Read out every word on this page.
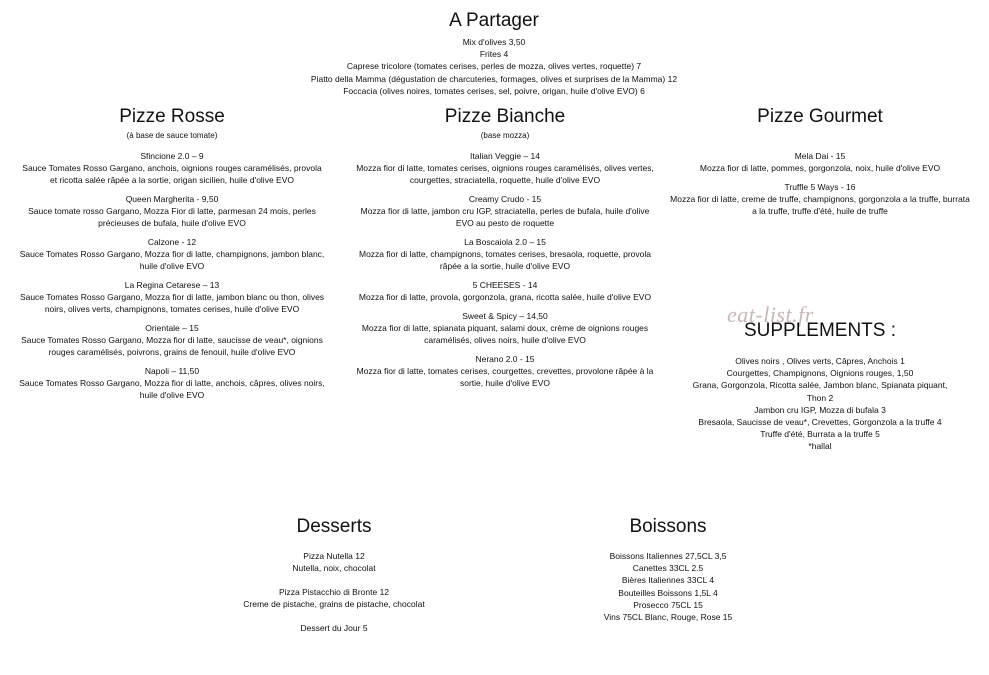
A Partager
Mix d'olives 3,50
Frites 4
Caprese tricolore (tomates cerises, perles de mozza, olives vertes, roquette) 7
Piatto della Mamma (dégustation de charcuteries, formages, olives et surprises de la Mamma) 12
Foccacia (olives noires, tomates cerises, sel, poivre, origan, huile d'olive EVO) 6
Pizze Rosse
(à base de sauce tomate)
Sfincione 2.0 – 9
Sauce Tomates Rosso Gargano, anchois, oignions rouges caramélisés, provola et ricotta salée râpée a la sortie, origan sicilien, huile d'olive EVO
Queen Margherita - 9,50
Sauce tomate rosso Gargano, Mozza Fior di latte, parmesan 24 mois, perles précieuses de bufala, huile d'olive EVO
Calzone - 12
Sauce Tomates Rosso Gargano, Mozza fior di latte, champignons, jambon blanc, huile d'olive EVO
La Regina Cetarese – 13
Sauce Tomates Rosso Gargano, Mozza fior di latte, jambon blanc ou thon, olives noirs, olives verts, champignons, tomates cerises, huile d'olive EVO
Orientale – 15
Sauce Tomates Rosso Gargano, Mozza fior di latte, saucisse de veau*, oignions rouges caramélisés, poivrons, grains de fenouil, huile d'olive EVO
Napoli – 11,50
Sauce Tomates Rosso Gargano, Mozza fior di latte, anchois, câpres, olives noirs, huile d'olive EVO
Pizze Bianche
(base mozza)
Italian Veggie – 14
Mozza fior di latte, tomates cerises, oignions rouges caramélisés, olives vertes, courgettes, straciatella, roquette, huile d'olive EVO
Creamy Crudo - 15
Mozza fior di latte, jambon cru IGP, straciatella, perles de bufala, huile d'olive EVO au pesto de roquette
La Boscaiola 2.0 – 15
Mozza fior di latte, champignons, tomates cerises, bresaola, roquette, provola râpée a la sortie, huile d'olive EVO
5 CHEESES - 14
Mozza fior di latte, provola, gorgonzola, grana, ricotta salée, huile d'olive EVO
Sweet & Spicy – 14,50
Mozza fior di latte, spianata piquant, salami doux, crème de oignions rouges caramélisés, olives noirs, huile d'olive EVO
Nerano 2.0 - 15
Mozza fior di latte, tomates cerises, courgettes, crevettes, provolone râpée à la sortie, huile d'olive EVO
Pizze Gourmet
Mela Dai - 15
Mozza fior di latte, pommes, gorgonzola, noix, huile d'olive EVO
Truffle 5 Ways - 16
Mozza fior di latte, creme de truffe, champignons, gorgonzola a la truffe, burrata a la truffe, truffe d'été, huile de truffe
eat-list.fr
SUPPLEMENTS :
Olives noirs , Olives verts, Câpres, Anchois 1
Courgettes, Champignons, Oignions rouges, 1,50
Grana, Gorgonzola, Ricotta salée, Jambon blanc, Spianata piquant,
Thon 2
Jambon cru IGP, Mozza di bufala 3
Bresaola, Saucisse de veau*, Crevettes, Gorgonzola a la truffe 4
Truffe d'été, Burrata a la truffe 5
*hallal
Desserts
Pizza Nutella 12
Nutella, noix, chocolat
Pizza Pistacchio di Bronte 12
Creme de pistache, grains de pistache, chocolat
Dessert du Jour 5
Boissons
Boissons Italiennes 27,5CL 3,5
Canettes 33CL 2.5
Bières Italiennes 33CL 4
Bouteilles Boissons 1,5L 4
Prosecco 75CL 15
Vins 75CL Blanc, Rouge, Rose 15
